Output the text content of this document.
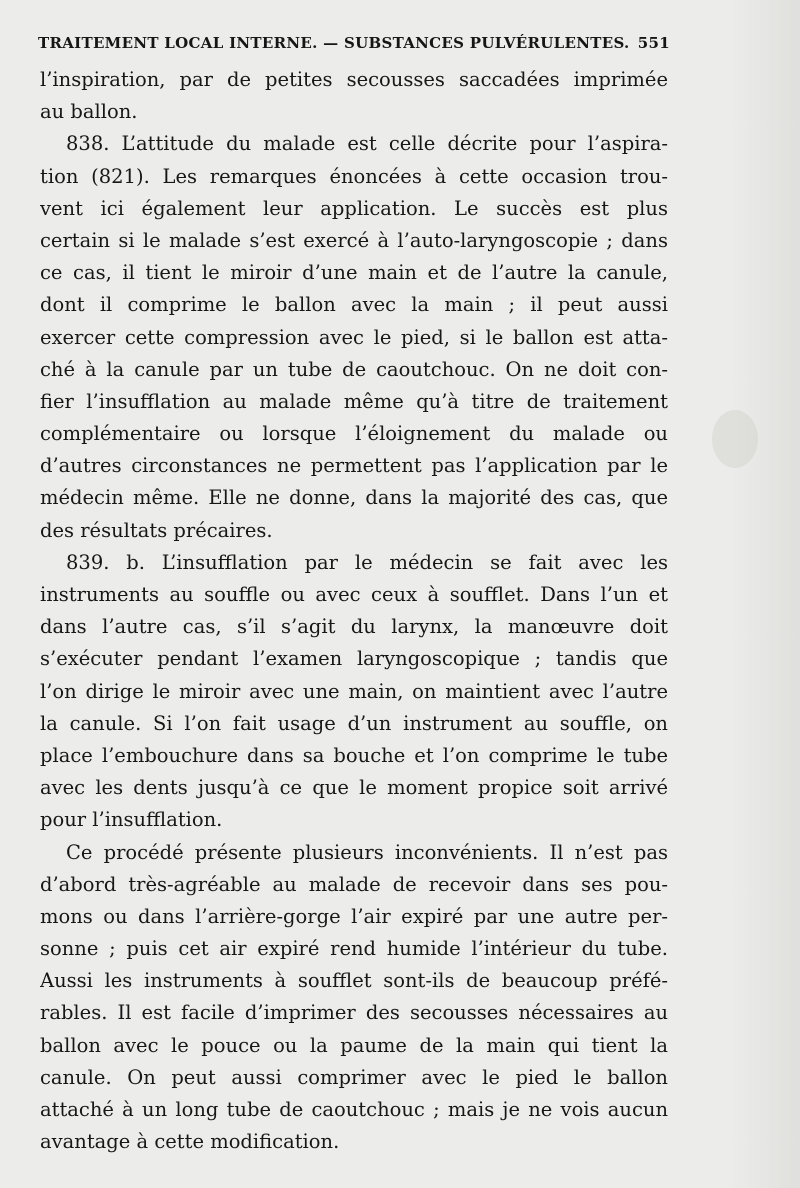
TRAITEMENT LOCAL INTERNE. — SUBSTANCES PULVÉRULENTES. 551
l’inspiration, par de petites secousses saccadées imprimée
au ballon.
838. L’attitude du malade est celle décrite pour l’aspira-
tion (821). Les remarques énoncées à cette occasion trou-
vent ici également leur application. Le succès est plus
certain si le malade s’est exercé à l’auto-laryngoscopie ; dans
ce cas, il tient le miroir d’une main et de l’autre la canule,
dont il comprime le ballon avec la main ; il peut aussi
exercer cette compression avec le pied, si le ballon est atta-
ché à la canule par un tube de caoutchouc. On ne doit con-
fier l’insufflation au malade même qu’à titre de traitement
complémentaire ou lorsque l’éloignement du malade ou
d’autres circonstances ne permettent pas l’application par le
médecin même. Elle ne donne, dans la majorité des cas, que
des résultats précaires.
839. b. L’insufflation par le médecin se fait avec les
instruments au souffle ou avec ceux à soufflet. Dans l’un et
dans l’autre cas, s’il s’agit du larynx, la manœuvre doit
s’exécuter pendant l’examen laryngoscopique ; tandis que
l’on dirige le miroir avec une main, on maintient avec l’autre
la canule. Si l’on fait usage d’un instrument au souffle, on
place l’embouchure dans sa bouche et l’on comprime le tube
avec les dents jusqu’à ce que le moment propice soit arrivé
pour l’insufflation.
Ce procédé présente plusieurs inconvénients. Il n’est pas
d’abord très-agréable au malade de recevoir dans ses pou-
mons ou dans l’arrière-gorge l’air expiré par une autre per-
sonne ; puis cet air expiré rend humide l’intérieur du tube.
Aussi les instruments à soufflet sont-ils de beaucoup préfé-
rables. Il est facile d’imprimer des secousses nécessaires au
ballon avec le pouce ou la paume de la main qui tient la
canule. On peut aussi comprimer avec le pied le ballon
attaché à un long tube de caoutchouc ; mais je ne vois aucun
avantage à cette modification.
